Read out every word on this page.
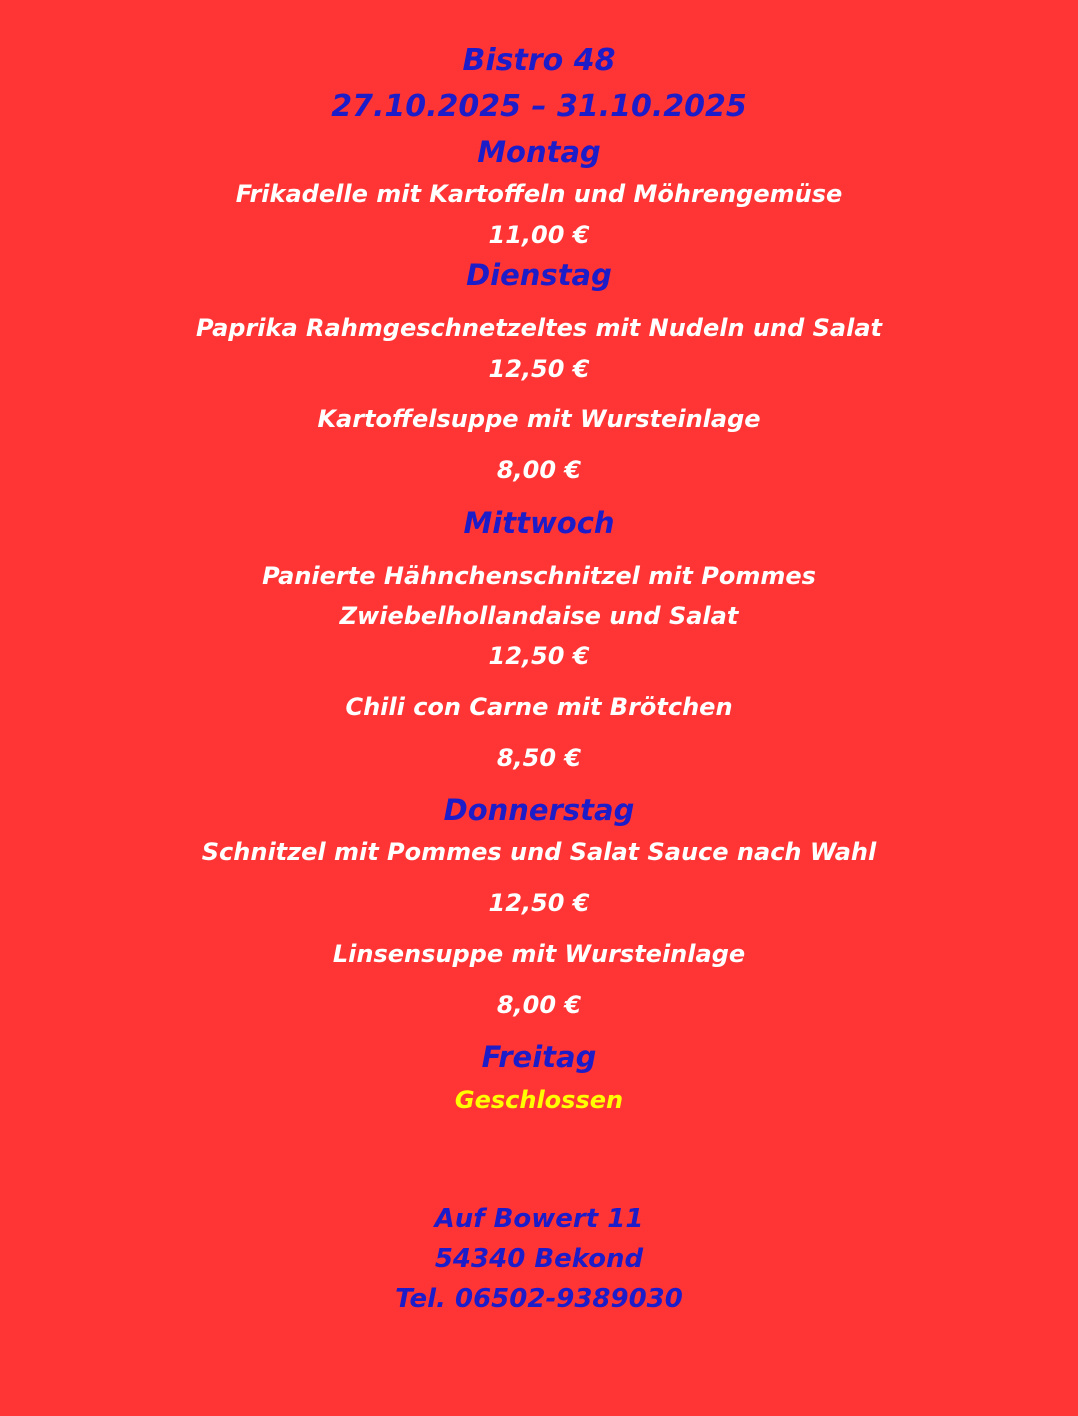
Bistro 48
27.10.2025 – 31.10.2025
Montag
Frikadelle mit Kartoffeln und Möhrengemüse
11,00 €
Dienstag
Paprika Rahmgeschnetzeltes mit Nudeln und Salat
12,50 €
Kartoffelsuppe mit Wursteinlage
8,00 €
Mittwoch
Panierte Hähnchenschnitzel mit Pommes
Zwiebelhollandaise und Salat
12,50 €
Chili con Carne mit Brötchen
8,50 €
Donnerstag
Schnitzel mit Pommes und Salat Sauce nach Wahl
12,50 €
Linsensuppe mit Wursteinlage
8,00 €
Freitag
Geschlossen
Auf Bowert 11
54340 Bekond
Tel. 06502-9389030
